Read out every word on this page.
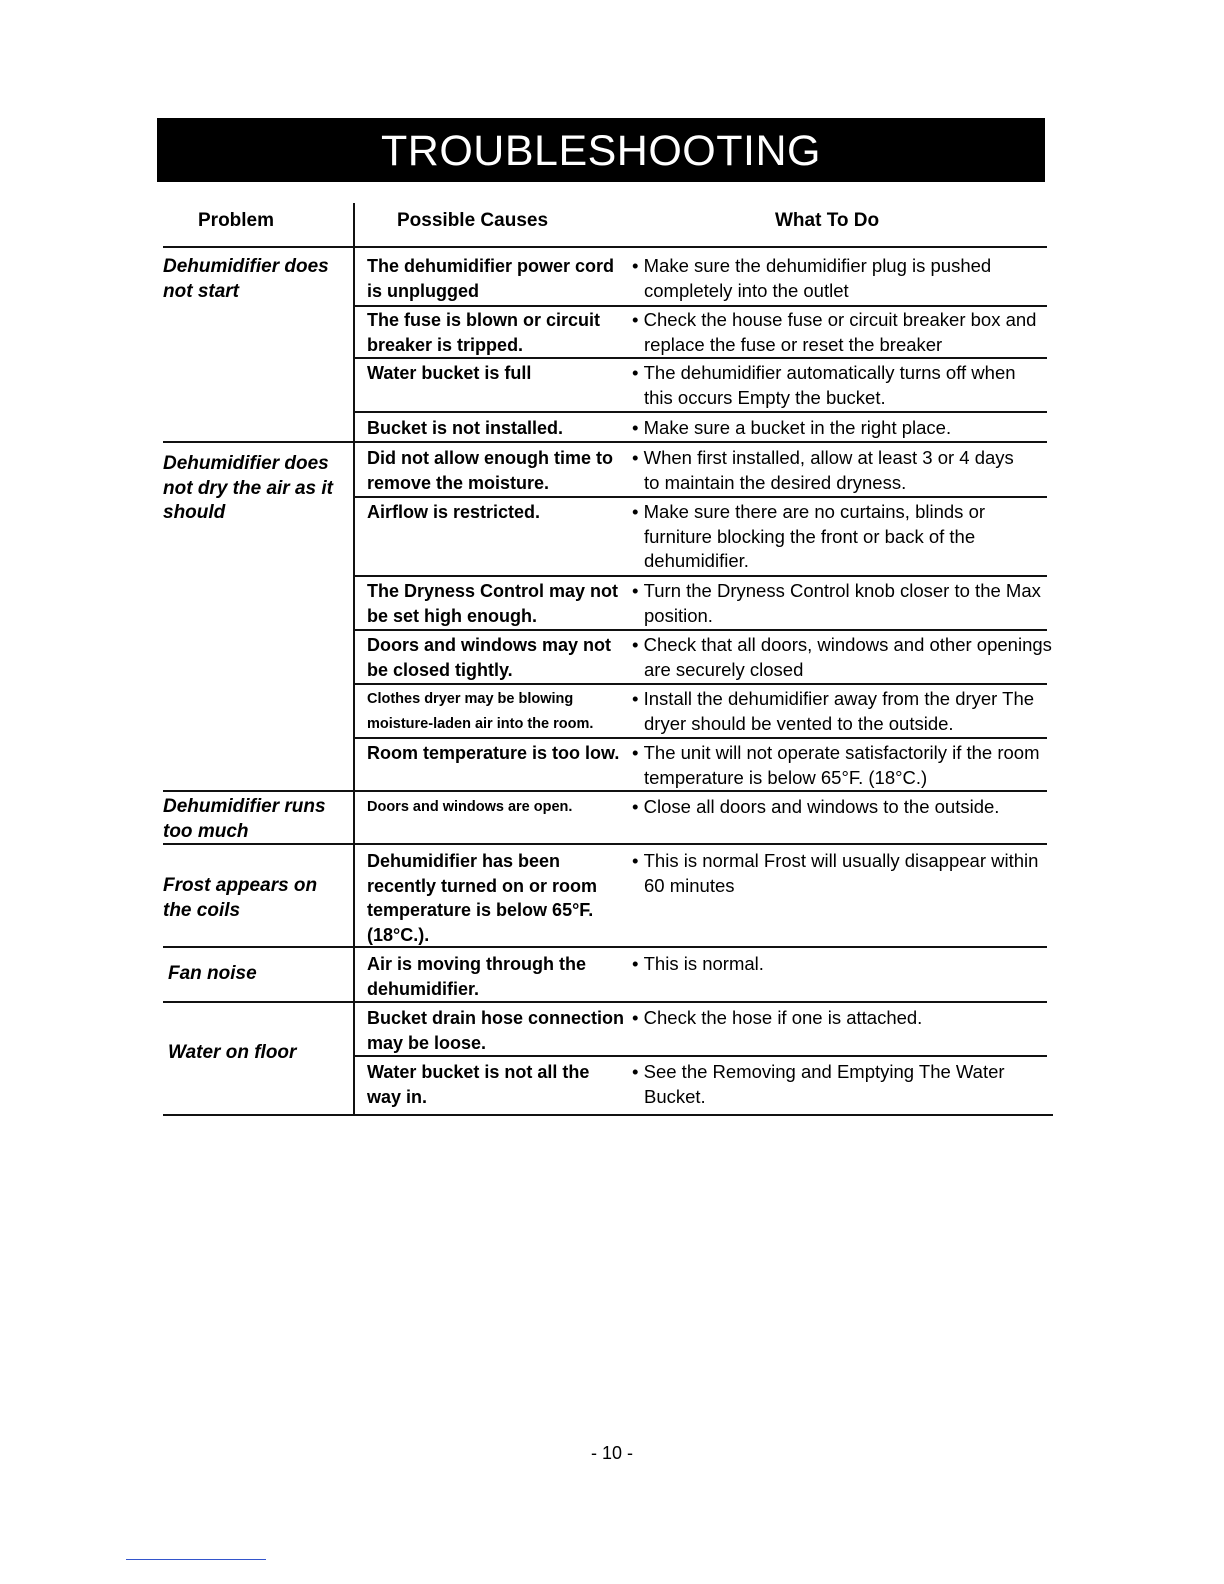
TROUBLESHOOTING
Problem	Possible Causes	What To Do
Dehumidifier does not start
Dehumidifier does not dry the air as it should
Dehumidifier runs too much
Frost appears on the coils
Fan noise
Water on floor
The dehumidifier power cord is unplugged
The fuse is blown or circuit breaker is tripped.
Water bucket is full
Bucket is not installed.
Did not allow enough time to remove the moisture.
Airflow is restricted.
The Dryness Control may not be set high enough.
Doors and windows may not be closed tightly.
Clothes dryer may be blowing moisture-laden air into the room.
Room temperature is too low.
Doors and windows are open.
Dehumidifier has been recently turned on or room temperature is below 65°F. (18°C.).
Air is moving through the dehumidifier.
Bucket drain hose connection may be loose.
Water bucket is not all the way in.
• Make sure the dehumidifier plug is pushed completely into the outlet
• Check the house fuse or circuit breaker box and replace the fuse or reset the breaker
• The dehumidifier automatically turns off when this occurs Empty the bucket.
• Make sure a bucket in the right place.
• When first installed, allow at least 3 or 4 days to maintain the desired dryness.
• Make sure there are no curtains, blinds or furniture blocking the front or back of the dehumidifier.
• Turn the Dryness Control knob closer to the Max position.
• Check that all doors, windows and other openings are securely closed
• Install the dehumidifier away from the dryer The dryer should be vented to the outside.
• The unit will not operate satisfactorily if the room temperature is below 65°F. (18°C.)
• Close all doors and windows to the outside.
• This is normal Frost will usually disappear within 60 minutes
• This is normal.
• Check the hose if one is attached.
• See the Removing and Emptying The Water Bucket.
- 10 -
